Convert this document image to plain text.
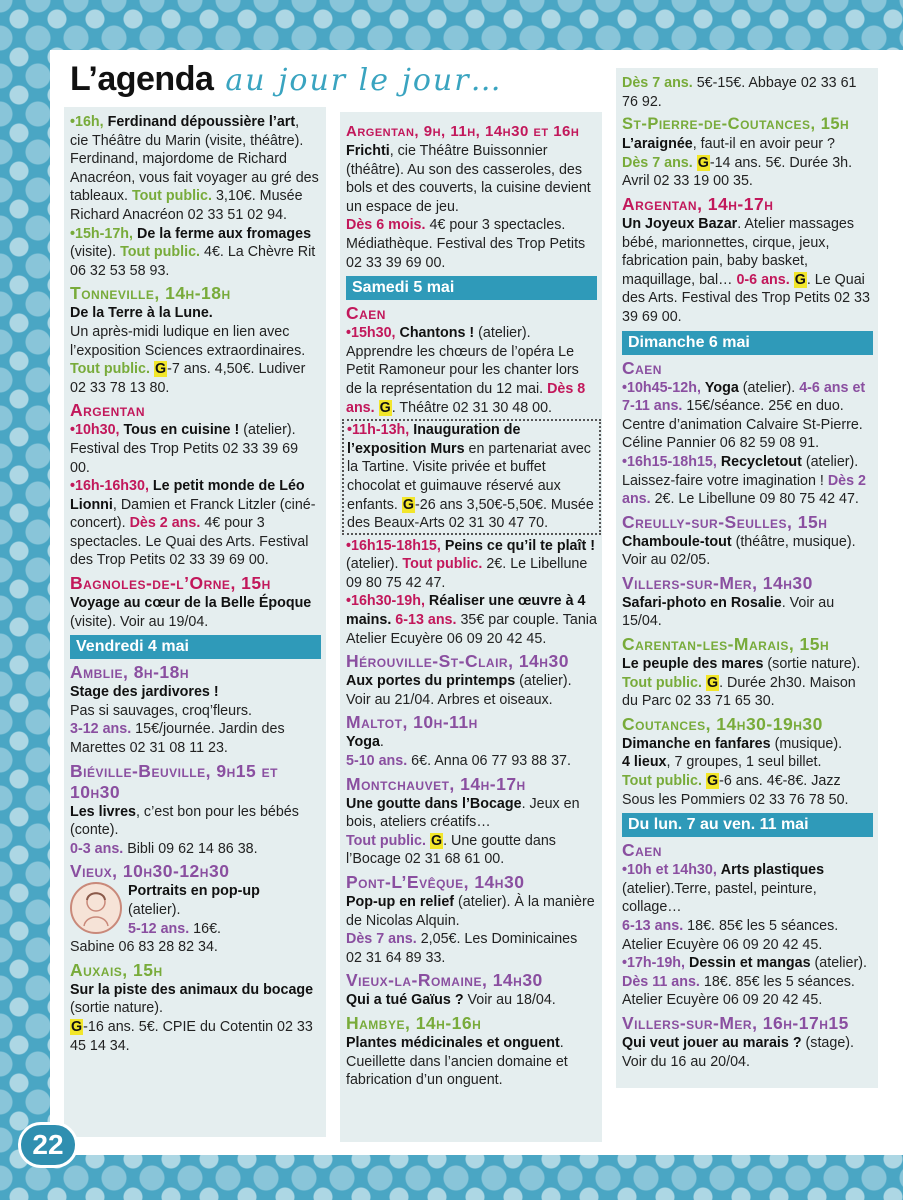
L’agenda au jour le jour…

•16h, Ferdinand dépoussière l’art, cie Théâtre du Marin (visite, théâtre). Ferdinand, majordome de Richard Anacréon, vous fait voyager au gré des tableaux. Tout public. 3,10€. Musée Richard Anacréon 02 33 51 02 94.

•15h-17h, De la ferme aux fromages (visite). Tout public. 4€. La Chèvre Rit 06 32 53 58 93.

Tonneville, 14h-18h

De la Terre à la Lune.
Un après-midi ludique en lien avec l’exposition Sciences extraordinaires. Tout public. G-7 ans. 4,50€. Ludiver 02 33 78 13 80.

Argentan

•10h30, Tous en cuisine ! (atelier). Festival des Trop Petits 02 33 39 69 00.

•16h-16h30, Le petit monde de Léo Lionni, Damien et Franck Litzler (ciné-concert). Dès 2 ans. 4€ pour 3 spectacles. Le Quai des Arts. Festival des Trop Petits 02 33 39 69 00.

Bagnoles-de-l’Orne, 15h

Voyage au cœur de la Belle Époque (visite). Voir au 19/04.

Vendredi 4 mai
Amblie, 8h-18h

Stage des jardivores !
Pas si sauvages, croq’fleurs.
3-12 ans. 15€/journée. Jardin des Marettes 02 31 08 11 23.

Biéville-Beuville, 9h15 et 10h30

Les livres, c’est bon pour les bébés (conte).
0-3 ans. Bibli 09 62 14 86 38.

Vieux, 10h30-12h30

Portraits en pop-up
(atelier).
5-12 ans. 16€.

Sabine 06 83 28 82 34.

Auxais, 15h

Sur la piste des animaux du bocage (sortie nature).
G-16 ans. 5€. CPIE du Cotentin 02 33 45 14 34.

Argentan, 9h, 11h, 14h30 et 16h

Frichti, cie Théâtre Buissonnier (théâtre). Au son des casseroles, des bols et des couverts, la cuisine devient un espace de jeu.
Dès 6 mois. 4€ pour 3 spectacles. Médiathèque. Festival des Trop Petits 02 33 39 69 00.

Samedi 5 mai
Caen

•15h30, Chantons ! (atelier). Apprendre les chœurs de l’opéra Le Petit Ramoneur pour les chanter lors de la représentation du 12 mai. Dès 8 ans. G. Théâtre 02 31 30 48 00.

•11h-13h, Inauguration de l’exposition Murs en partenariat avec la Tartine. Visite privée et buffet chocolat et guimauve réservé aux enfants. G-26 ans 3,50€-5,50€. Musée des Beaux-Arts 02 31 30 47 70.

•16h15-18h15, Peins ce qu’il te plaît ! (atelier). Tout public. 2€. Le Libellune 09 80 75 42 47.

•16h30-19h, Réaliser une œuvre à 4 mains. 6-13 ans. 35€ par couple. Tania Atelier Ecuyère 06 09 20 42 45.

Hérouville-St-Clair, 14h30

Aux portes du printemps (atelier). Voir au 21/04. Arbres et oiseaux.

Maltot, 10h-11h

Yoga.
5-10 ans. 6€. Anna 06 77 93 88 37.

Montchauvet, 14h-17h

Une goutte dans l’Bocage. Jeux en bois, ateliers créatifs…
Tout public. G. Une goutte dans l’Bocage 02 31 68 61 00.

Pont-L’Evêque, 14h30

Pop-up en relief (atelier). À la manière de Nicolas Alquin.
Dès 7 ans. 2,05€. Les Dominicaines 02 31 64 89 33.

Vieux-la-Romaine, 14h30

Qui a tué Gaïus ? Voir au 18/04.

Hambye, 14h-16h

Plantes médicinales et onguent. Cueillette dans l’ancien domaine et fabrication d’un onguent.

Dès 7 ans. 5€-15€. Abbaye 02 33 61 76 92.

St-Pierre-de-Coutances, 15h

L’araignée, faut-il en avoir peur ?
Dès 7 ans. G-14 ans. 5€. Durée 3h. Avril 02 33 19 00 35.

Argentan, 14h-17h

Un Joyeux Bazar. Atelier massages bébé, marionnettes, cirque, jeux, fabrication pain, baby basket, maquillage, bal… 0-6 ans. G. Le Quai des Arts. Festival des Trop Petits 02 33 39 69 00.

Dimanche 6 mai
Caen

•10h45-12h, Yoga (atelier). 4-6 ans et 7-11 ans. 15€/séance. 25€ en duo. Centre d’animation Calvaire St-Pierre. Céline Pannier 06 82 59 08 91.

•16h15-18h15, Recycletout (atelier). Laissez-faire votre imagination ! Dès 2 ans. 2€. Le Libellune 09 80 75 42 47.

Creully-sur-Seulles, 15h

Chamboule-tout (théâtre, musique). Voir au 02/05.

Villers-sur-Mer, 14h30

Safari-photo en Rosalie. Voir au 15/04.

Carentan-les-Marais, 15h

Le peuple des mares (sortie nature).
Tout public. G. Durée 2h30. Maison du Parc 02 33 71 65 30.

Coutances, 14h30-19h30

Dimanche en fanfares (musique).
4 lieux, 7 groupes, 1 seul billet.
Tout public. G-6 ans. 4€-8€. Jazz Sous les Pommiers 02 33 76 78 50.

Du lun. 7 au ven. 11 mai
Caen

•10h et 14h30, Arts plastiques (atelier).Terre, pastel, peinture, collage…
6-13 ans. 18€. 85€ les 5 séances. Atelier Ecuyère 06 09 20 42 45.

•17h-19h, Dessin et mangas (atelier). Dès 11 ans. 18€. 85€ les 5 séances. Atelier Ecuyère 06 09 20 42 45.

Villers-sur-Mer, 16h-17h15

Qui veut jouer au marais ? (stage). Voir du 16 au 20/04.

22
